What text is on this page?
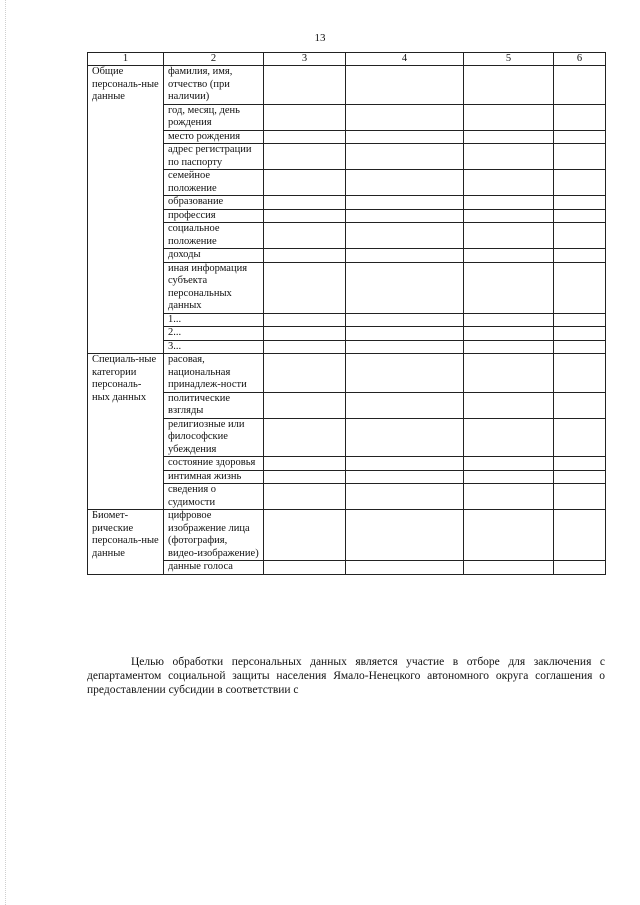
13
1	2	3	4	5	6
Общие персональ-ные данные	фамилия, имя, отчество (при наличии)				
	год, месяц, день рождения				
	место рождения				
	адрес регистрации по паспорту				
	семейное положение				
	образование				
	профессия				
	социальное положение				
	доходы				
	иная информация субъекта персональных данных				
	1...				
	2...				
	3...				
Специаль-ные категории персональ-ных данных	расовая, национальная принадлеж-ности				
	политические взгляды				
	религиозные или философские убеждения				
	состояние здоровья				
	интимная жизнь				
	сведения о судимости				
Биомет-рические персональ-ные данные	цифровое изображение лица (фотография, видео-изображение)				
	данные голоса				

Целью обработки персональных данных является участие в отборе для заключения с департаментом социальной защиты населения Ямало-Ненецкого автономного округа соглашения о предоставлении субсидии в соответствии с
